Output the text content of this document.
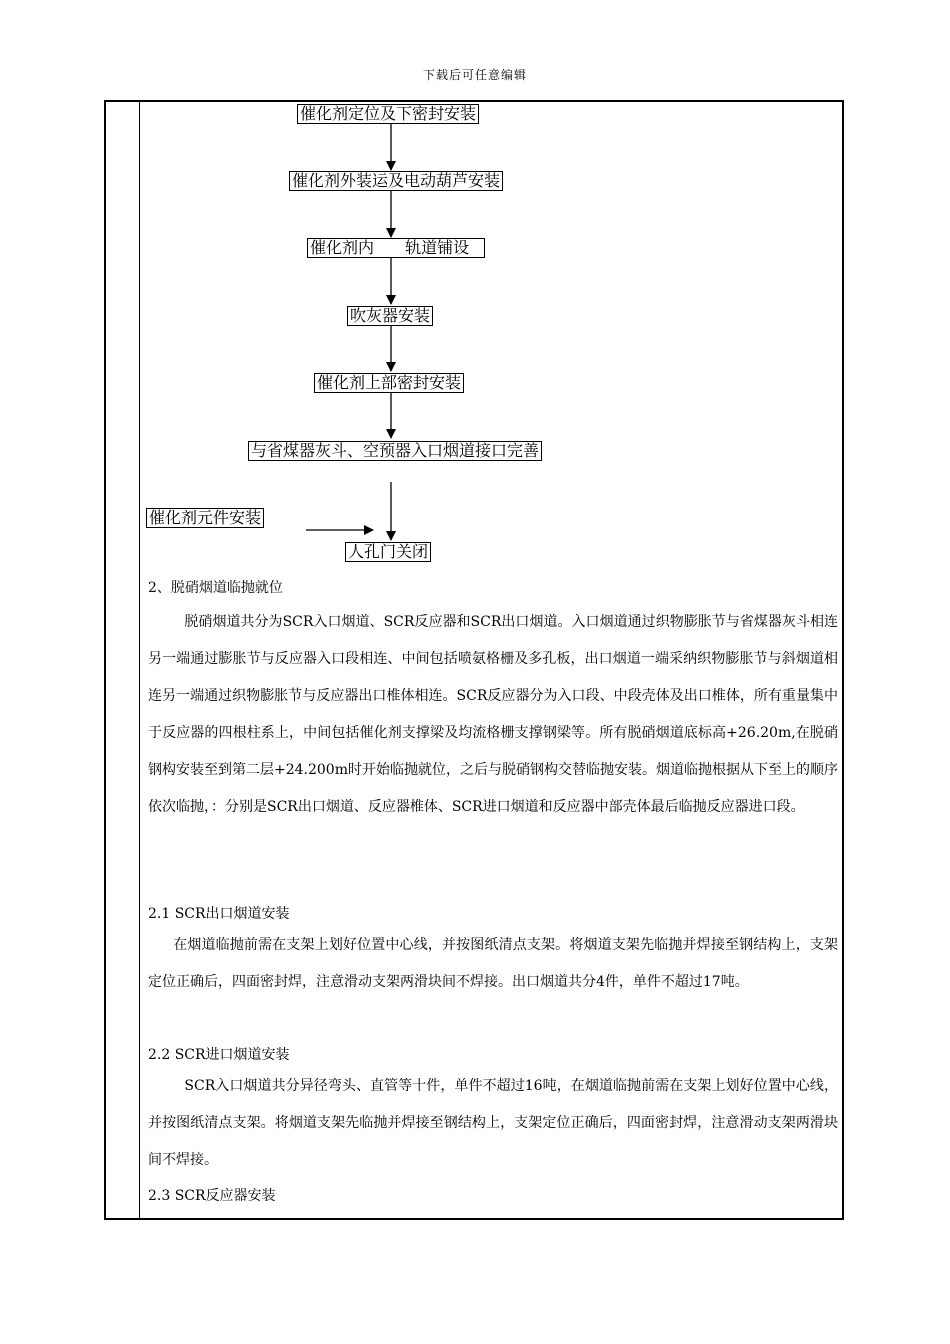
下载后可任意编辑
催化剂定位及下密封安装
催化剂外装运及电动葫芦安装
催化剂内 轨道铺设
吹灰器安装
催化剂上部密封安装
与省煤器灰斗、空预器入口烟道接口完善
催化剂元件安装
人孔门关闭
2、脱硝烟道临抛就位
脱硝烟道共分为SCR入口烟道、SCR反应器和SCR出口烟道。入口烟道通过织物膨胀节与省煤器灰斗相连另一端通过膨胀节与反应器入口段相连、中间包括喷氨格栅及多孔板，出口烟道一端采纳织物膨胀节与斜烟道相连另一端通过织物膨胀节与反应器出口椎体相连。SCR反应器分为入口段、中段壳体及出口椎体，所有重量集中于反应器的四根柱系上，中间包括催化剂支撑梁及均流格栅支撑钢梁等。所有脱硝烟道底标高+26.20m,在脱硝钢构安装至到第二层+24.200m时开始临抛就位，之后与脱硝钢构交替临抛安装。烟道临抛根据从下至上的顺序依次临抛，：分别是SCR出口烟道、反应器椎体、SCR进口烟道和反应器中部壳体最后临抛反应器进口段。
2.1 SCR出口烟道安装
在烟道临抛前需在支架上划好位置中心线，并按图纸清点支架。将烟道支架先临抛并焊接至钢结构上，支架定位正确后，四面密封焊，注意滑动支架两滑块间不焊接。出口烟道共分4件，单件不超过17吨。
2.2 SCR进口烟道安装
SCR入口烟道共分异径弯头、直管等十件，单件不超过16吨，在烟道临抛前需在支架上划好位置中心线，并按图纸清点支架。将烟道支架先临抛并焊接至钢结构上，支架定位正确后，四面密封焊，注意滑动支架两滑块间不焊接。
2.3 SCR反应器安装
